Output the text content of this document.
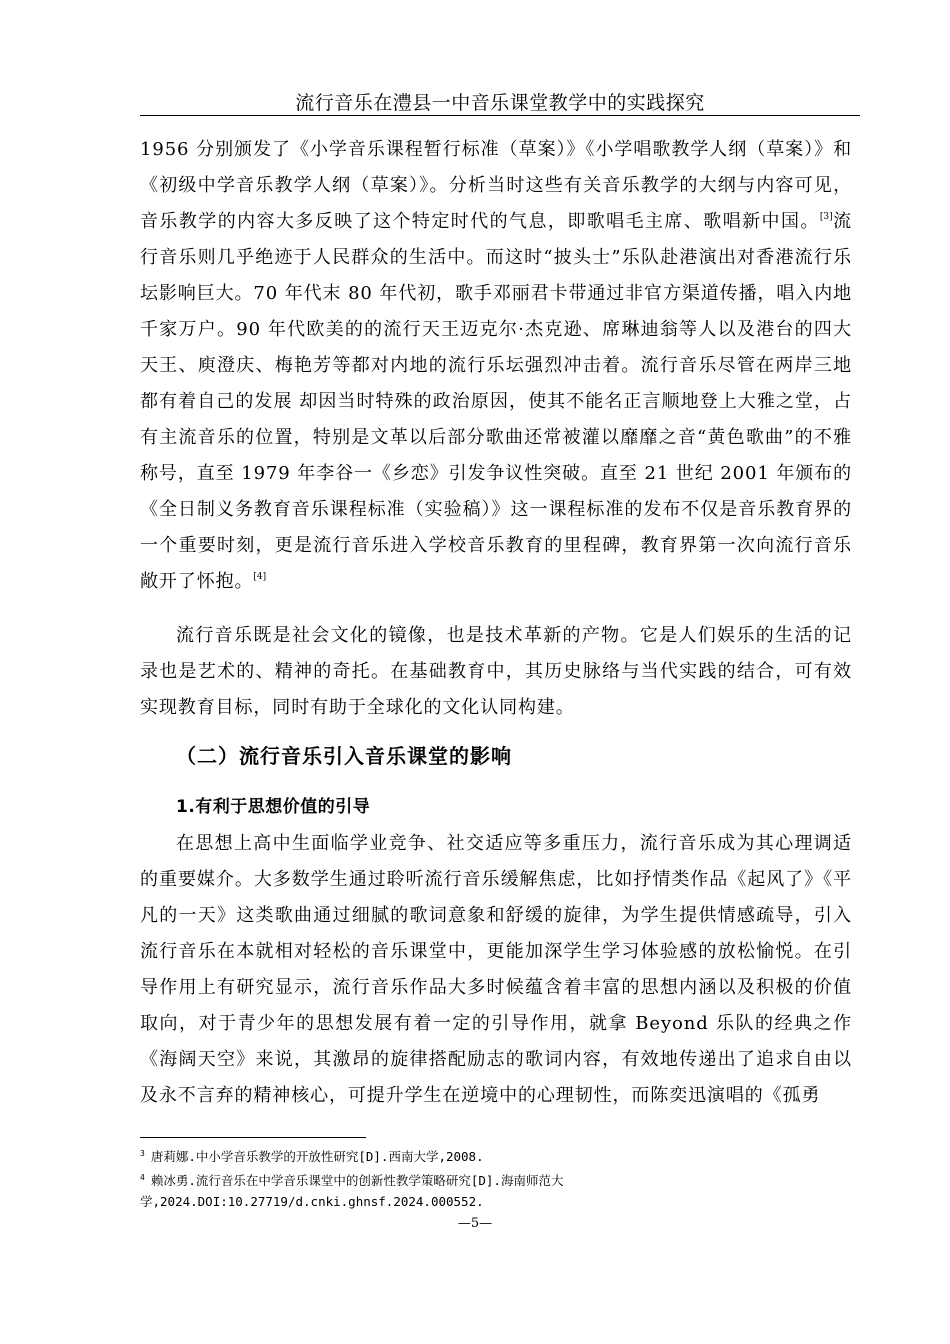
流行音乐在澧县一中音乐课堂教学中的实践探究
1956 分别颁发了《小学音乐课程暂行标准（草案）》《小学唱歌教学人纲（草案）》和《初级中学音乐教学人纲（草案）》。分析当时这些有关音乐教学的大纲与内容可见，音乐教学的内容大多反映了这个特定时代的气息，即歌唱毛主席、歌唱新中国。[3]流行音乐则几乎绝迹于人民群众的生活中。而这时“披头士”乐队赴港演出对香港流行乐坛影响巨大。70 年代末 80 年代初，歌手邓丽君卡带通过非官方渠道传播，唱入内地千家万户。90 年代欧美的的流行天王迈克尔·杰克逊、席琳迪翁等人以及港台的四大天王、庾澄庆、梅艳芳等都对内地的流行乐坛强烈冲击着。流行音乐尽管在两岸三地都有着自己的发展 却因当时特殊的政治原因，使其不能名正言顺地登上大雅之堂，占有主流音乐的位置，特别是文革以后部分歌曲还常被灌以靡靡之音“黄色歌曲”的不雅称号，直至 1979 年李谷一《乡恋》引发争议性突破。直至 21 世纪 2001 年颁布的《全日制义务教育音乐课程标准（实验稿）》这一课程标准的发布不仅是音乐教育界的一个重要时刻，更是流行音乐进入学校音乐教育的里程碑，教育界第一次向流行音乐敞开了怀抱。[4]
流行音乐既是社会文化的镜像，也是技术革新的产物。它是人们娱乐的生活的记录也是艺术的、精神的奇托。在基础教育中，其历史脉络与当代实践的结合，可有效实现教育目标，同时有助于全球化的文化认同构建。
（二）流行音乐引入音乐课堂的影响
1.有利于思想价值的引导
在思想上高中生面临学业竞争、社交适应等多重压力，流行音乐成为其心理调适的重要媒介。大多数学生通过聆听流行音乐缓解焦虑，比如抒情类作品《起风了》《平凡的一天》这类歌曲通过细腻的歌词意象和舒缓的旋律，为学生提供情感疏导，引入流行音乐在本就相对轻松的音乐课堂中，更能加深学生学习体验感的放松愉悦。在引导作用上有研究显示，流行音乐作品大多时候蕴含着丰富的思想内涵以及积极的价值取向，对于青少年的思想发展有着一定的引导作用，就拿 Beyond 乐队的经典之作《海阔天空》来说，其激昂的旋律搭配励志的歌词内容，有效地传递出了追求自由以及永不言弃的精神核心，可提升学生在逆境中的心理韧性，而陈奕迅演唱的《孤勇
$^3$ 唐莉娜.中小学音乐教学的开放性研究[D].西南大学,2008.
$^4$ 赖冰勇.流行音乐在中学音乐课堂中的创新性教学策略研究[D].海南师范大学,2024.DOI:10.27719/d.cnki.ghnsf.2024.000552.
—5—
